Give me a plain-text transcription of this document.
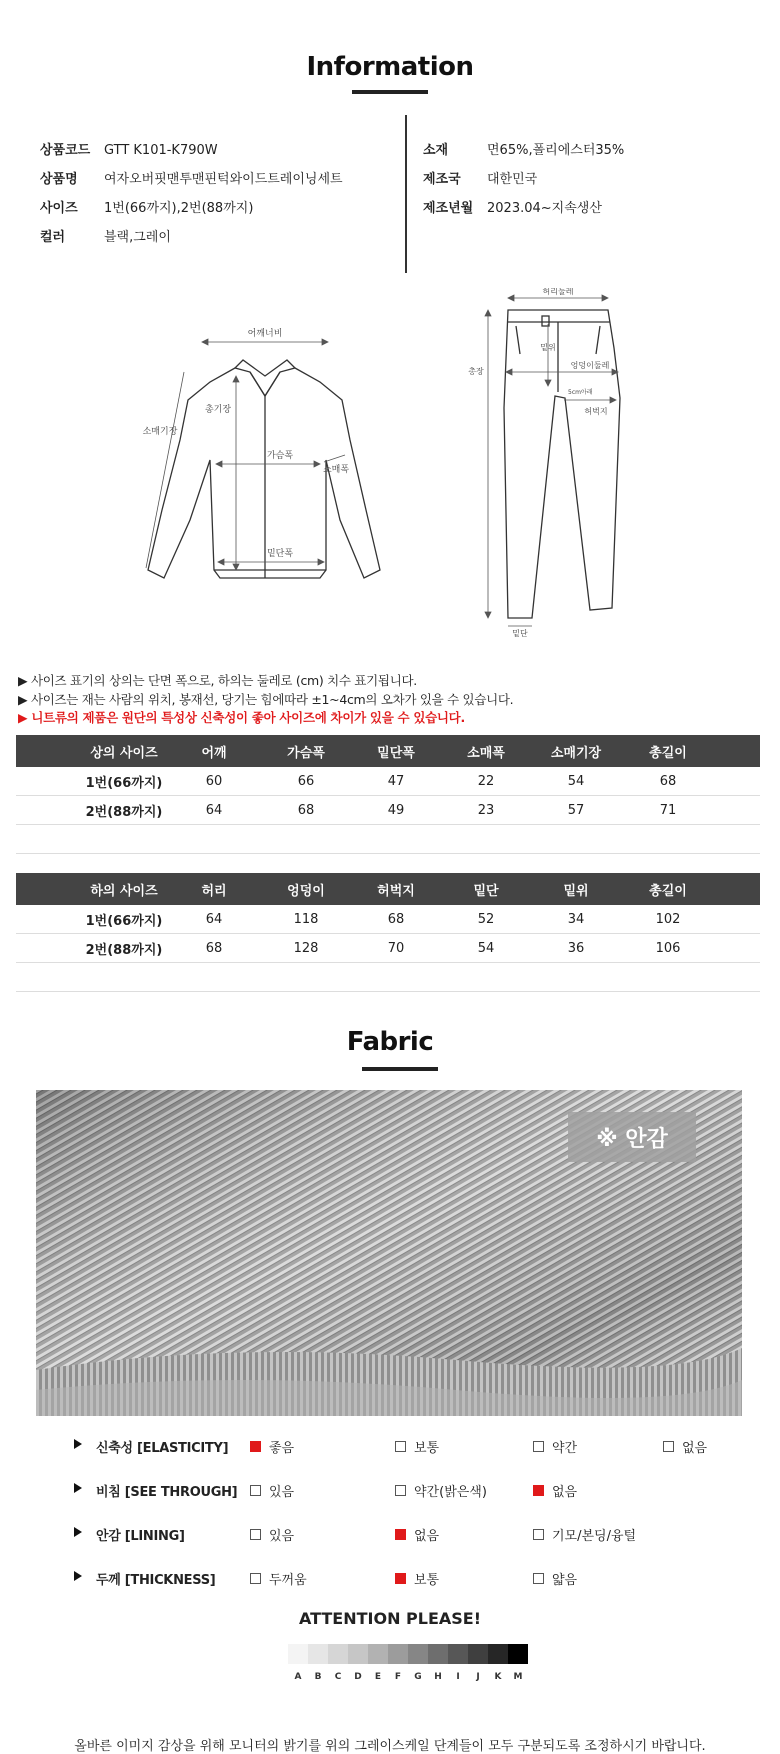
Information
상품코드 GTT K101-K790W
상품명 여자오버핏맨투맨핀턱와이드트레이닝세트
사이즈 1번(66까지),2번(88까지)
컬러	블랙,그레이
소재	면65%,폴리에스터35%
제조국 대한민국
제조년월 2023.04~지속생산
어깨너비
총기장
가슴폭
소매폭
소매기장
밑단폭
허리둘레
총장
밑위
엉덩이둘레
5cm아래
허벅지
밑단
▶ 사이즈 표기의 상의는 단면 폭으로, 하의는 둘레로 (cm) 치수 표기됩니다.
▶ 사이즈는 재는 사람의 위치, 봉재선, 당기는 힘에따라 ±1~4cm의 오차가 있을 수 있습니다.
▶ 니트류의 제품은 원단의 특성상 신축성이 좋아 사이즈에 차이가 있을 수 있습니다.
상의 사이즈	어깨	가슴폭	밑단폭	소매폭	소매기장	총길이
1번(66까지)	60	66	47	22	54	68
2번(88까지)	64	68	49	23	57	71
하의 사이즈	허리	엉덩이	허벅지	밑단	밑위	총길이
1번(66까지)	64	118	68	52	34	102
2번(88까지)	68	128	70	54	36	106
Fabric
※ 안감
신축성 [ELASTICITY]	좋음	보통	약간	없음
비침 [SEE THROUGH] 있음	약간(밝은색)	없음
안감 [LINING]	있음	없음	기모/본딩/융털
두께 [THICKNESS]	두꺼움	보통	얇음
ATTENTION PLEASE!
A	B	C	D	E	F	G	H	I	J	K	M
올바른 이미지 감상을 위해 모니터의 밝기를 위의 그레이스케일 단계들이 모두 구분되도록 조정하시기 바랍니다.
